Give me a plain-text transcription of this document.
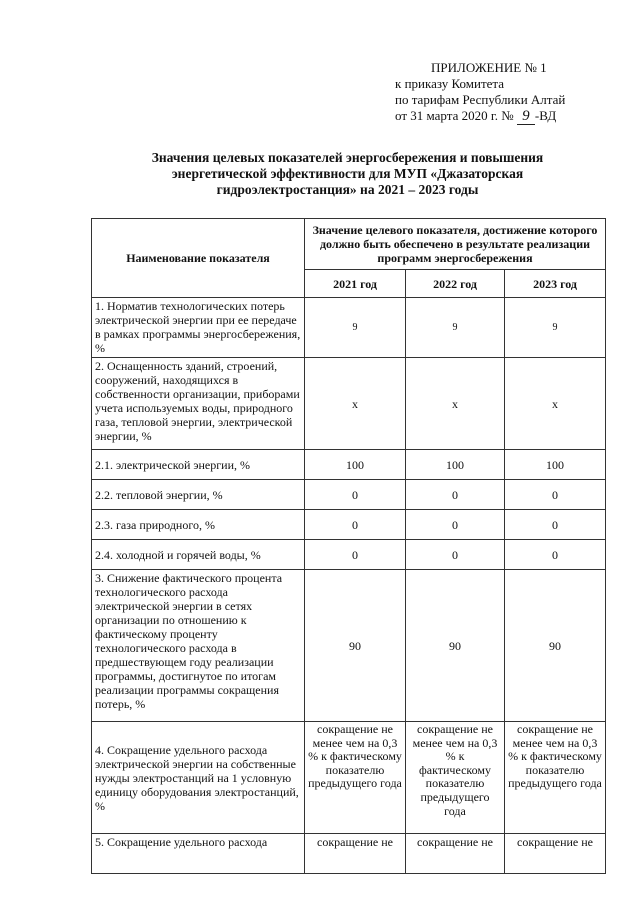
ПРИЛОЖЕНИЕ № 1
к приказу Комитета
по тарифам Республики Алтай
от 31 марта 2020 г. № 9 -ВД
Значения целевых показателей энергосбережения и повышения энергетической эффективности для МУП «Джазаторская гидроэлектростанция» на 2021 – 2023 годы
Наименование показателя	Значение целевого показателя, достижение которого должно быть обеспечено в результате реализации программ энергосбережения		
	2021 год	2022 год	2023 год
1. Норматив технологических потерь электрической энергии при ее передаче в рамках программы энергосбережения, %	9	9	9
2. Оснащенность зданий, строений, сооружений, находящихся в собственности организации, приборами учета используемых воды, природного газа, тепловой энергии, электрической энергии, %	x	x	x
2.1. электрической энергии, %	100	100	100
2.2. тепловой энергии, %	0	0	0
2.3. газа природного, %	0	0	0
2.4. холодной и горячей воды, %	0	0	0
3. Снижение фактического процента технологического расхода электрической энергии в сетях организации по отношению к фактическому проценту технологического расхода в предшествующем году реализации программы, достигнутое по итогам реализации программы сокращения потерь, %	90	90	90
4. Сокращение удельного расхода электрической энергии на собственные нужды электростанций на 1 условную единицу оборудования электростанций, %	сокращение не менее чем на 0,3 % к фактическому показателю предыдущего года	сокращение не менее чем на 0,3 % к фактическому показателю предыдущего года	сокращение не менее чем на 0,3 % к фактическому показателю предыдущего года
5. Сокращение удельного расхода	сокращение не	сокращение не	сокращение не
